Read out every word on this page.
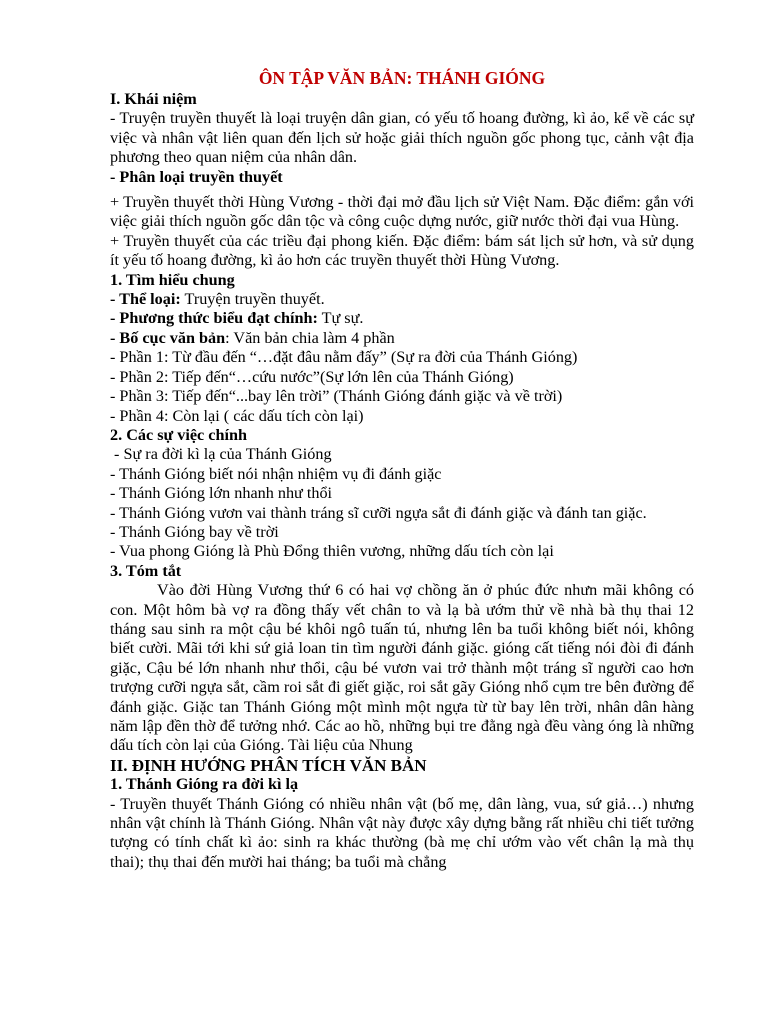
ÔN TẬP VĂN BẢN: THÁNH GIÓNG
I. Khái niệm

- Truyện truyền thuyết là loại truyện dân gian, có yếu tố hoang đường, kì ảo, kể về các sự việc và nhân vật liên quan đến lịch sử hoặc giải thích nguồn gốc phong tục, cảnh vật địa phương theo quan niệm của nhân dân.

- Phân loại truyền thuyết

+ Truyền thuyết thời Hùng Vương - thời đại mở đầu lịch sử Việt Nam. Đặc điểm: gắn với việc giải thích nguồn gốc dân tộc và công cuộc dựng nước, giữ nước thời đại vua Hùng.

+ Truyền thuyết của các triều đại phong kiến. Đặc điểm: bám sát lịch sử hơn, và sử dụng ít yếu tố hoang đường, kì ảo hơn các truyền thuyết thời Hùng Vương.

1. Tìm hiểu chung

- Thể loại: Truyện truyền thuyết.

- Phương thức biểu đạt chính: Tự sự.

- Bố cục văn bản: Văn bản chia làm 4 phần

- Phần 1: Từ đầu đến “…đặt đâu nằm đấy” (Sự ra đời của Thánh Gióng)

- Phần 2: Tiếp đến“…cứu nước”(Sự lớn lên của Thánh Gióng)

- Phần 3: Tiếp đến“...bay lên trời” (Thánh Gióng đánh giặc và về trời)

- Phần 4: Còn lại ( các dấu tích còn lại)

2. Các sự việc chính

- Sự ra đời kì lạ của Thánh Gióng

- Thánh Gióng biết nói nhận nhiệm vụ đi đánh giặc

- Thánh Gióng lớn nhanh như thổi

- Thánh Gióng vươn vai thành tráng sĩ cưỡi ngựa sắt đi đánh giặc và đánh tan giặc.

- Thánh Gióng bay về trời

- Vua phong Gióng là Phù Đổng thiên vương, những dấu tích còn lại

3. Tóm tắt

Vào đời Hùng Vương thứ 6 có hai vợ chồng ăn ở phúc đức nhưn mãi không có con. Một hôm bà vợ ra đồng thấy vết chân to và lạ bà ướm thử về nhà bà thụ thai 12 tháng sau sinh ra một cậu bé khôi ngô tuấn tú, nhưng lên ba tuổi không biết nói, không biết cười. Mãi tới khi sứ giả loan tin tìm người đánh giặc. gióng cất tiếng nói đòi đi đánh giặc, Cậu bé lớn nhanh như thổi, cậu bé vươn vai trở thành một tráng sĩ người cao hơn trượng cưỡi ngựa sắt, cầm roi sắt đi giết giặc, roi sắt gãy Gióng nhổ cụm tre bên đường để đánh giặc. Giặc tan Thánh Gióng một mình một ngựa từ từ bay lên trời, nhân dân hàng năm lập đền thờ để tưởng nhớ. Các ao hồ, những bụi tre đằng ngà đều vàng óng là những dấu tích còn lại của Gióng. Tài liệu của Nhung

II. ĐỊNH HƯỚNG PHÂN TÍCH VĂN BẢN
1. Thánh Gióng ra đời kì lạ

- Truyền thuyết Thánh Gióng có nhiều nhân vật (bố mẹ, dân làng, vua, sứ giả…) nhưng nhân vật chính là Thánh Gióng. Nhân vật này được xây dựng bằng rất nhiều chi tiết tưởng tượng có tính chất kì ảo: sinh ra khác thường (bà mẹ chỉ ướm vào vết chân lạ mà thụ thai); thụ thai đến mười hai tháng; ba tuổi mà chẳng
